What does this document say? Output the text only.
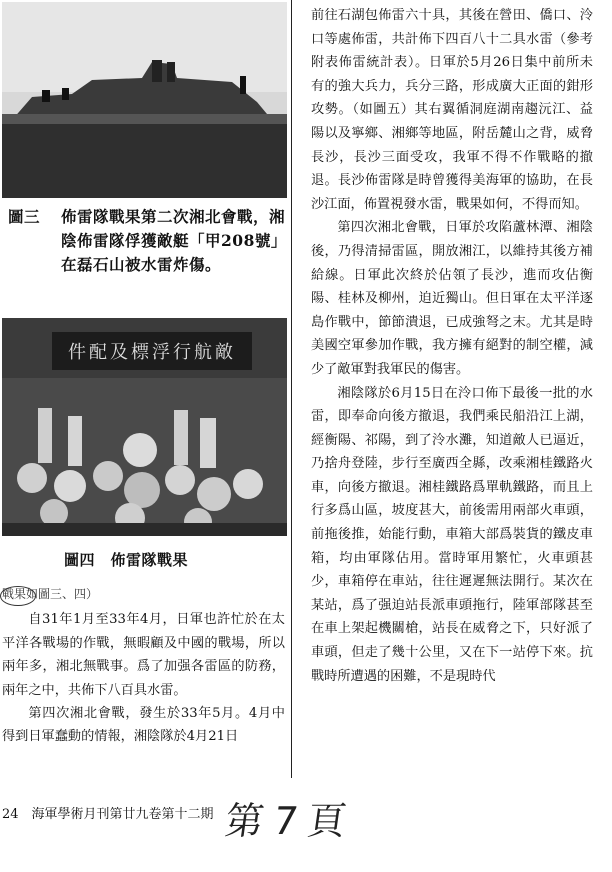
圖三 佈雷隊戰果第二次湘北會戰，湘陰佈雷隊俘獲敵艇「甲208號」在磊石山被水雷炸傷。
件配及標浮行航敵
圖四　佈雷隊戰果

戰果如圖三、四）

自31年1月至33年4月，日軍也許忙於在太平洋各戰場的作戰，無暇顧及中國的戰場，所以兩年多，湘北無戰事。爲了加强各雷區的防務，兩年之中，共佈下八百具水雷。

第四次湘北會戰，發生於33年5月。4月中得到日軍蠢動的情報，湘陰隊於4月21日

前往石湖包佈雷六十具，其後在營田、僑口、泠口等處佈雷，共計佈下四百八十二具水雷（參考附表佈雷統計表）。日軍於5月26日集中前所未有的強大兵力，兵分三路，形成廣大正面的鉗形攻勢。（如圖五）其右翼循洞庭湖南趨沅江、益陽以及寧鄉、湘鄉等地區，附岳麓山之背，威脅長沙，長沙三面受攻，我軍不得不作戰略的撤退。長沙佈雷隊是時曾獲得美海軍的協助，在長沙江面，佈置視發水雷，戰果如何，不得而知。

第四次湘北會戰，日軍於攻陷蘆林潭、湘陰後，乃得清掃雷區，開放湘江，以維持其後方補給線。日軍此次終於佔領了長沙，進而攻佔衡陽、桂林及柳州，迫近獨山。但日軍在太平洋逐島作戰中，節節潰退，已成強弩之末。尤其是時美國空軍參加作戰，我方擁有絕對的制空權，減少了敵軍對我軍民的傷害。

湘陰隊於6月15日在泠口佈下最後一批的水雷，即奉命向後方撤退，我們乘民船沿江上湖，經衡陽、祁陽，到了泠水灘，知道敵人已逼近，乃捨舟登陸，步行至廣西全縣，改乘湘桂鐵路火車，向後方撤退。湘桂鐵路爲單軌鐵路，而且上行多爲山區，坡度甚大，前後需用兩部火車頭，前拖後推，始能行動，車箱大部爲裝貨的鐵皮車箱，均由軍隊佔用。當時軍用繁忙，火車頭甚少，車箱停在車站，往往遲遲無法開行。某次在某站，爲了强迫站長派車頭拖行，陸軍部隊甚至在車上架起機關槍，站長在威脅之下，只好派了車頭，但走了幾十公里，又在下一站停下來。抗戰時所遭遇的困難，不是現時代

24　海軍學術月刊第廿九卷第十二期 第7頁
